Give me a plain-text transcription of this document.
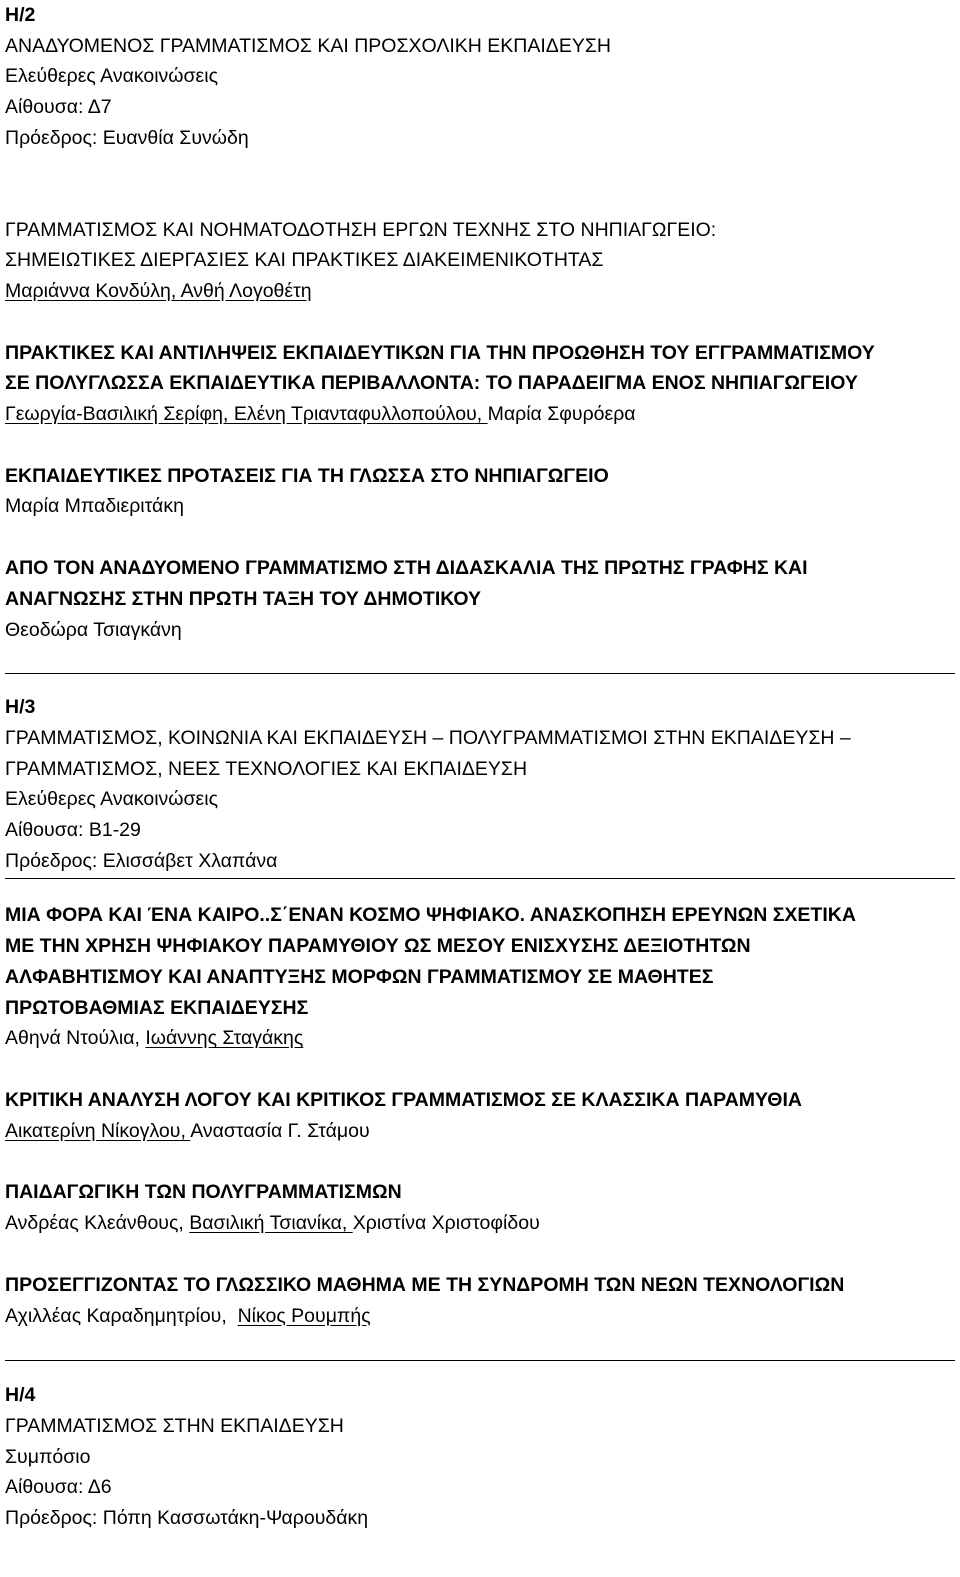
Η/2
ΑΝΑΔΥΟΜΕΝΟΣ ΓΡΑΜΜΑΤΙΣΜΟΣ ΚΑΙ ΠΡΟΣΧΟΛΙΚΗ ΕΚΠΑΙΔΕΥΣΗ
Ελεύθερες Ανακοινώσεις
Αίθουσα: Δ7
Πρόεδρος: Ευανθία Συνώδη
ΓΡΑΜΜΑΤΙΣΜΟΣ ΚΑΙ ΝΟΗΜΑΤΟΔΟΤΗΣΗ ΕΡΓΩΝ ΤΕΧΝΗΣ ΣΤΟ ΝΗΠΙΑΓΩΓΕΙΟ:
ΣΗΜΕΙΩΤΙΚΕΣ ΔΙΕΡΓΑΣΙΕΣ ΚΑΙ ΠΡΑΚΤΙΚΕΣ ΔΙΑΚΕΙΜΕΝΙΚΟΤΗΤΑΣ
Μαριάννα Κονδύλη, Ανθή Λογοθέτη
ΠΡΑΚΤΙΚΕΣ ΚΑΙ ΑΝΤΙΛΗΨΕΙΣ ΕΚΠΑΙΔΕΥΤΙΚΩΝ ΓΙΑ ΤΗΝ ΠΡΟΩΘΗΣΗ ΤΟΥ ΕΓΓΡΑΜΜΑΤΙΣΜΟΥ
ΣΕ ΠΟΛΥΓΛΩΣΣΑ ΕΚΠΑΙΔΕΥΤΙΚΑ ΠΕΡΙΒΑΛΛΟΝΤΑ: ΤΟ ΠΑΡΑΔΕΙΓΜΑ ΕΝΟΣ ΝΗΠΙΑΓΩΓΕΙΟΥ
Γεωργία-Βασιλική Σερίφη, Ελένη Τριανταφυλλοπούλου, Μαρία Σφυρόερα
ΕΚΠΑΙΔΕΥΤΙΚΕΣ ΠΡΟΤΑΣΕΙΣ ΓΙΑ ΤΗ ΓΛΩΣΣΑ ΣΤΟ ΝΗΠΙΑΓΩΓΕΙΟ
Μαρία Μπαδιεριτάκη
ΑΠΟ ΤΟΝ ΑΝΑΔΥΟΜΕΝΟ ΓΡΑΜΜΑΤΙΣΜΟ ΣΤΗ ΔΙΔΑΣΚΑΛΙΑ ΤΗΣ ΠΡΩΤΗΣ ΓΡΑΦΗΣ ΚΑΙ
ΑΝΑΓΝΩΣΗΣ ΣΤΗΝ ΠΡΩΤΗ ΤΑΞΗ ΤΟΥ ΔΗΜΟΤΙΚΟΥ
Θεοδώρα Τσιαγκάνη
Η/3
ΓΡΑΜΜΑΤΙΣΜΟΣ, ΚΟΙΝΩΝΙΑ ΚΑΙ ΕΚΠΑΙΔΕΥΣΗ – ΠΟΛΥΓΡΑΜΜΑΤΙΣΜΟΙ ΣΤΗΝ ΕΚΠΑΙΔΕΥΣΗ –
ΓΡΑΜΜΑΤΙΣΜΟΣ, ΝΕΕΣ ΤΕΧΝΟΛΟΓΙΕΣ ΚΑΙ ΕΚΠΑΙΔΕΥΣΗ
Ελεύθερες Ανακοινώσεις
Αίθουσα: Β1-29
Πρόεδρος: Ελισσάβετ Χλαπάνα
ΜΙΑ ΦΟΡΑ ΚΑΙ ΈΝΑ ΚΑΙΡΟ..Σ΄ΕΝΑΝ ΚΟΣΜΟ ΨΗΦΙΑΚΟ. ΑΝΑΣΚΟΠΗΣΗ ΕΡΕΥΝΩΝ ΣΧΕΤΙΚΑ
ΜΕ ΤΗΝ ΧΡΗΣΗ ΨΗΦΙΑΚΟΥ ΠΑΡΑΜΥΘΙΟΥ ΩΣ ΜΕΣΟΥ ΕΝΙΣΧΥΣΗΣ ΔΕΞΙΟΤΗΤΩΝ
ΑΛΦΑΒΗΤΙΣΜΟΥ ΚΑΙ ΑΝΑΠΤΥΞΗΣ ΜΟΡΦΩΝ ΓΡΑΜΜΑΤΙΣΜΟΥ ΣΕ ΜΑΘΗΤΕΣ
ΠΡΩΤΟΒΑΘΜΙΑΣ ΕΚΠΑΙΔΕΥΣΗΣ
Αθηνά Ντούλια, Ιωάννης Σταγάκης
ΚΡΙΤΙΚΗ ΑΝΑΛΥΣΗ ΛΟΓΟΥ ΚΑΙ ΚΡΙΤΙΚΟΣ ΓΡΑΜΜΑΤΙΣΜΟΣ ΣΕ ΚΛΑΣΣΙΚΑ ΠΑΡΑΜΥΘΙΑ
Αικατερίνη Νίκογλου, Αναστασία Γ. Στάμου
ΠΑΙΔΑΓΩΓΙΚΗ ΤΩΝ ΠΟΛΥΓΡΑΜΜΑΤΙΣΜΩΝ
Ανδρέας Κλεάνθους, Βασιλική Τσιανίκα, Χριστίνα Χριστοφίδου
ΠΡΟΣΕΓΓΙΖΟΝΤΑΣ ΤΟ ΓΛΩΣΣΙΚΟ ΜΑΘΗΜΑ ΜΕ ΤΗ ΣΥΝΔΡΟΜΗ ΤΩΝ ΝΕΩΝ ΤΕΧΝΟΛΟΓΙΩΝ
Αχιλλέας Καραδημητρίου,  Νίκος Ρουμπής
Η/4
ΓΡΑΜΜΑΤΙΣΜΟΣ ΣΤΗΝ ΕΚΠΑΙΔΕΥΣΗ
Συμπόσιο
Αίθουσα: Δ6
Πρόεδρος: Πόπη Κασσωτάκη-Ψαρουδάκη
